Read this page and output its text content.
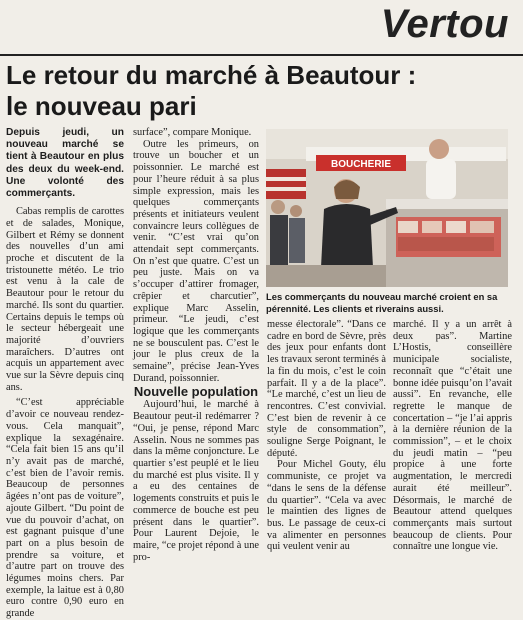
Vertou
Le retour du marché à Beautour :
le nouveau pari

Depuis jeudi, un nouveau marché se tient à Beautour en plus des deux du week-end. Une volonté des commerçants.

Cabas remplis de carottes et de salades, Monique, Gilbert et Rémy se donnent des nouvelles d’un ami proche et discutent de la tristounette météo. Le trio est venu à la cale de Beautour pour le retour du marché. Ils sont du quartier. Certains depuis le temps où le secteur hébergeait une majorité d’ouvriers maraîchers. D’autres ont acquis un appartement avec vue sur la Sèvre depuis cinq ans.

“C’est appréciable d’avoir ce nouveau rendez-vous. Cela manquait”, explique la sexagénaire. “Cela fait bien 15 ans qu’il n’y avait pas de marché, c’est bien de l’avoir remis. Beaucoup de personnes âgées n’ont pas de voiture”, ajoute Gilbert. “Du point de vue du pouvoir d’achat, on est gagnant puisque d’une part on a plus besoin de prendre sa voiture, et d’autre part on trouve des légumes moins chers. Par exemple, la laitue est à 0,80 euro contre 0,90 euro en grande

surface”, compare Monique.

Outre les primeurs, on trouve un boucher et un poissonnier. Le marché est pour l’heure réduit à sa plus simple expression, mais les quelques commerçants présents et initiateurs veulent convaincre leurs collègues de venir. “C’est vrai qu’on attendait sept commerçants. On n’est que quatre. C’est un peu juste. Mais on va s’occuper d’attirer fromager, crêpier et charcutier”, explique Marc Asselin, primeur. “Le jeudi, c’est logique que les commerçants ne se bousculent pas. C’est le jour le plus creux de la semaine”, précise Jean-Yves Durand, poissonnier.

Nouvelle population

Aujourd’hui, le marché à Beautour peut-il redémarrer ? “Oui, je pense, répond Marc Asselin. Nous ne sommes pas dans la même conjoncture. Le quartier s’est peuplé et le lieu du marché est plus visite. Il y a eu des centaines de logements construits et puis le commerce de bouche est peu présent dans le quartier”. Pour Laurent Dejoie, le maire, “ce projet répond à une pro-

BOUCHERIE
Les commerçants du nouveau marché croient en sa pérennité. Les clients et riverains aussi.

messe électorale”. “Dans ce cadre en bord de Sèvre, près des jeux pour enfants dont les travaux seront terminés à la fin du mois, c’est le coin parfait. Il y a de la place”. “Le marché, c’est un lieu de rencontres. C’est convivial. C’est bien de revenir à ce style de consommation”, souligne Serge Poignant, le député.

Pour Michel Gouty, élu communiste, ce projet va “dans le sens de la défense du quartier”. “Cela va avec le maintien des lignes de bus. Le passage de ceux-ci va alimenter en personnes qui veulent venir au

marché. Il y a un arrêt à deux pas”. Martine L’Hostis, conseillère municipale socialiste, reconnaît que “c’était une bonne idée puisqu’on l’avait aussi”. En revanche, elle regrette le manque de concertation – “je l’ai appris à la dernière réunion de la commission”, – et le choix du jeudi matin – “peu propice à une forte augmentation, le mercredi aurait été meilleur”. Désormais, le marché de Beautour attend quelques commerçants mais surtout beaucoup de clients. Pour connaître une longue vie.
